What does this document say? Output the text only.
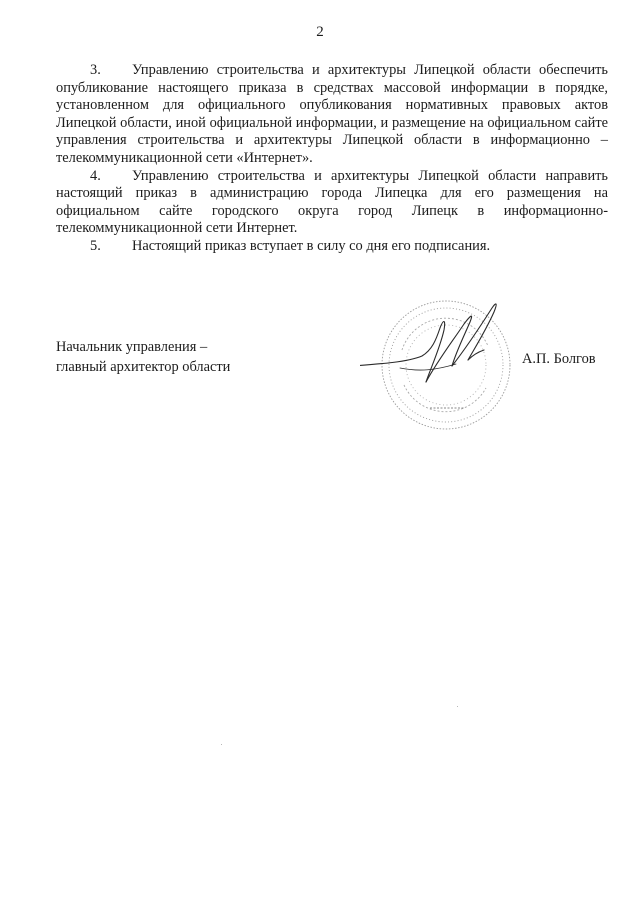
2

3. Управлению строительства и архитектуры Липецкой области обеспечить опубликование настоящего приказа в средствах массовой информации в порядке, установленном для официального опубликования нормативных правовых актов Липецкой области, иной официальной информации, и размещение на официальном сайте управления строительства и архитектуры Липецкой области в информационно – телекоммуникационной сети «Интернет».

4. Управлению строительства и архитектуры Липецкой области направить настоящий приказ в администрацию города Липецка для его размещения на официальном сайте городского округа город Липецк в информационно-телекоммуникационной сети Интернет.

5. Настоящий приказ вступает в силу со дня его подписания.

Начальник управления –
главный архитектор области	А.П. Болгов
